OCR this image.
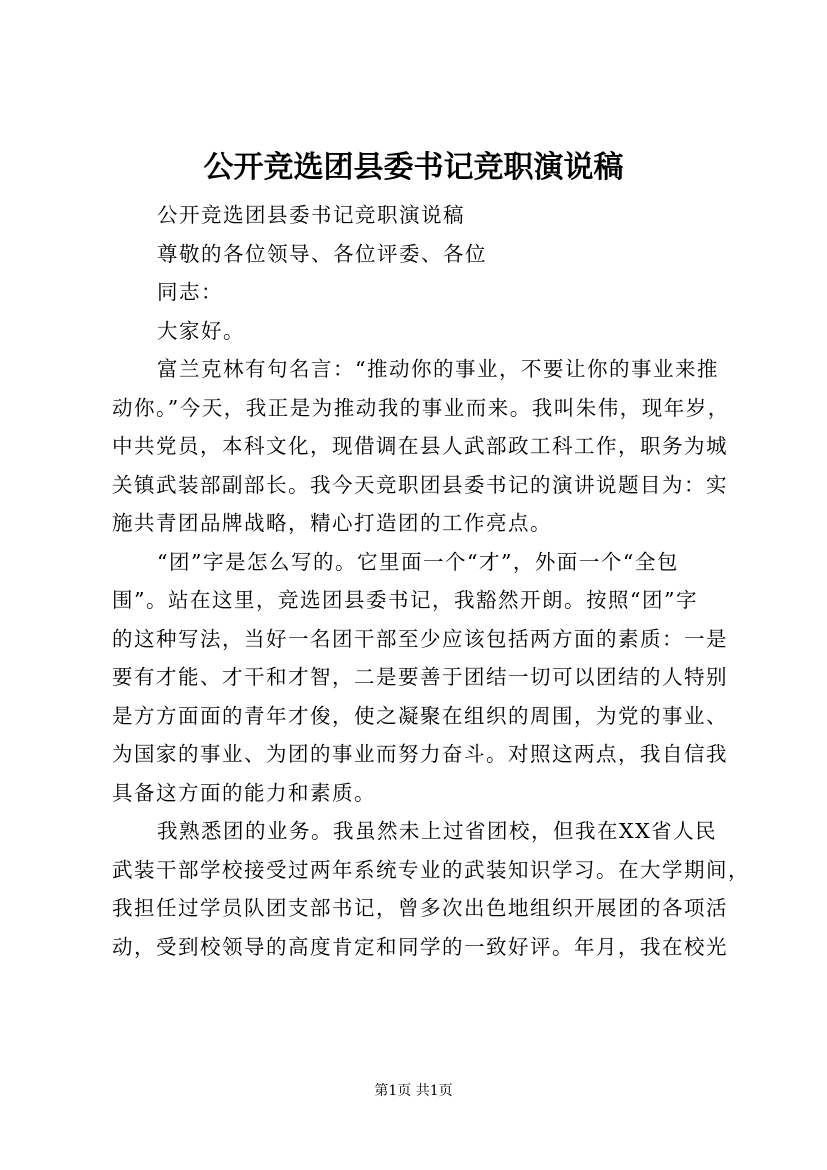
公开竞选团县委书记竞职演说稿
公开竞选团县委书记竞职演说稿
尊敬的各位领导、各位评委、各位
同志：
大家好。
富兰克林有句名言：“推动你的事业，不要让你的事业来推
动你。”今天，我正是为推动我的事业而来。我叫朱伟，现年岁，
中共党员，本科文化，现借调在县人武部政工科工作，职务为城
关镇武装部副部长。我今天竞职团县委书记的演讲说题目为：实
施共青团品牌战略，精心打造团的工作亮点。
“团”字是怎么写的。它里面一个“才”，外面一个“全包
围”。站在这里，竞选团县委书记，我豁然开朗。按照“团”字
的这种写法，当好一名团干部至少应该包括两方面的素质：一是
要有才能、才干和才智，二是要善于团结一切可以团结的人特别
是方方面面的青年才俊，使之凝聚在组织的周围，为党的事业、
为国家的事业、为团的事业而努力奋斗。对照这两点，我自信我
具备这方面的能力和素质。
我熟悉团的业务。我虽然未上过省团校，但我在XX省人民
武装干部学校接受过两年系统专业的武装知识学习。在大学期间，
我担任过学员队团支部书记，曾多次出色地组织开展团的各项活
动，受到校领导的高度肯定和同学的一致好评。年月，我在校光
第1页 共1页
